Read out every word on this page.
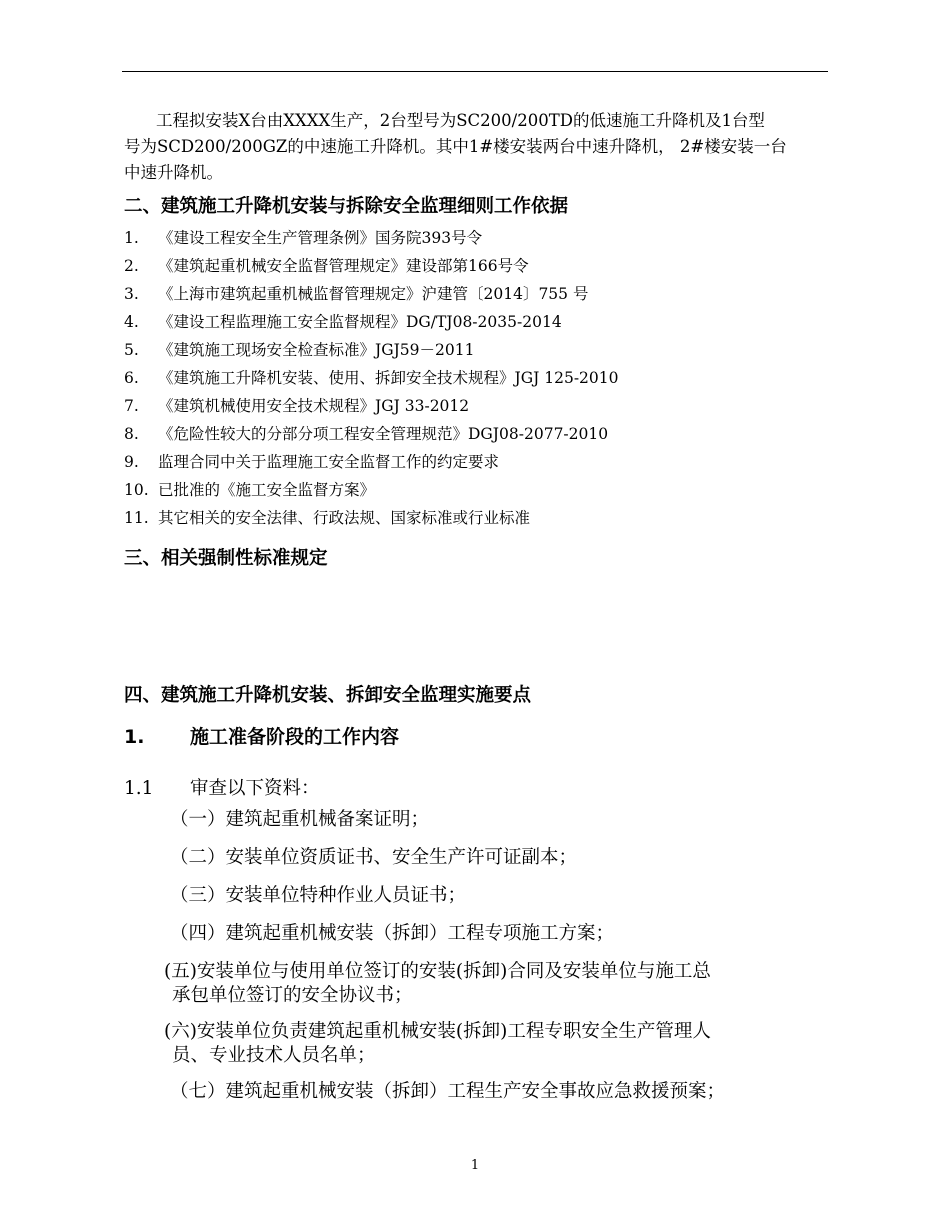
工程拟安装X台由XXXX生产，2台型号为SC200/200TD的低速施工升降机及1台型
号为SCD200/200GZ的中速施工升降机。其中1#楼安装两台中速升降机， 2#楼安装一台
中速升降机。
二、建筑施工升降机安装与拆除安全监理细则工作依据
1. 《建设工程安全生产管理条例》国务院393号令
2. 《建筑起重机械安全监督管理规定》建设部第166号令
3. 《上海市建筑起重机械监督管理规定》沪建管〔2014〕755 号
4. 《建设工程监理施工安全监督规程》DG/TJ08-2035-2014
5. 《建筑施工现场安全检查标准》JGJ59－2011
6. 《建筑施工升降机安装、使用、拆卸安全技术规程》JGJ 125-2010
7. 《建筑机械使用安全技术规程》JGJ 33-2012
8. 《危险性较大的分部分项工程安全管理规范》DGJ08-2077-2010
9. 监理合同中关于监理施工安全监督工作的约定要求
10. 已批准的《施工安全监督方案》
11. 其它相关的安全法律、行政法规、国家标准或行业标准
三、相关强制性标准规定
四、建筑施工升降机安装、拆卸安全监理实施要点
1. 施工准备阶段的工作内容
1.1 审查以下资料：
（一）建筑起重机械备案证明；
（二）安装单位资质证书、安全生产许可证副本；
（三）安装单位特种作业人员证书；
（四）建筑起重机械安装（拆卸）工程专项施工方案；
(五)安装单位与使用单位签订的安装(拆卸)合同及安装单位与施工总
承包单位签订的安全协议书；
(六)安装单位负责建筑起重机械安装(拆卸)工程专职安全生产管理人
员、专业技术人员名单；
（七）建筑起重机械安装（拆卸）工程生产安全事故应急救援预案；
1
